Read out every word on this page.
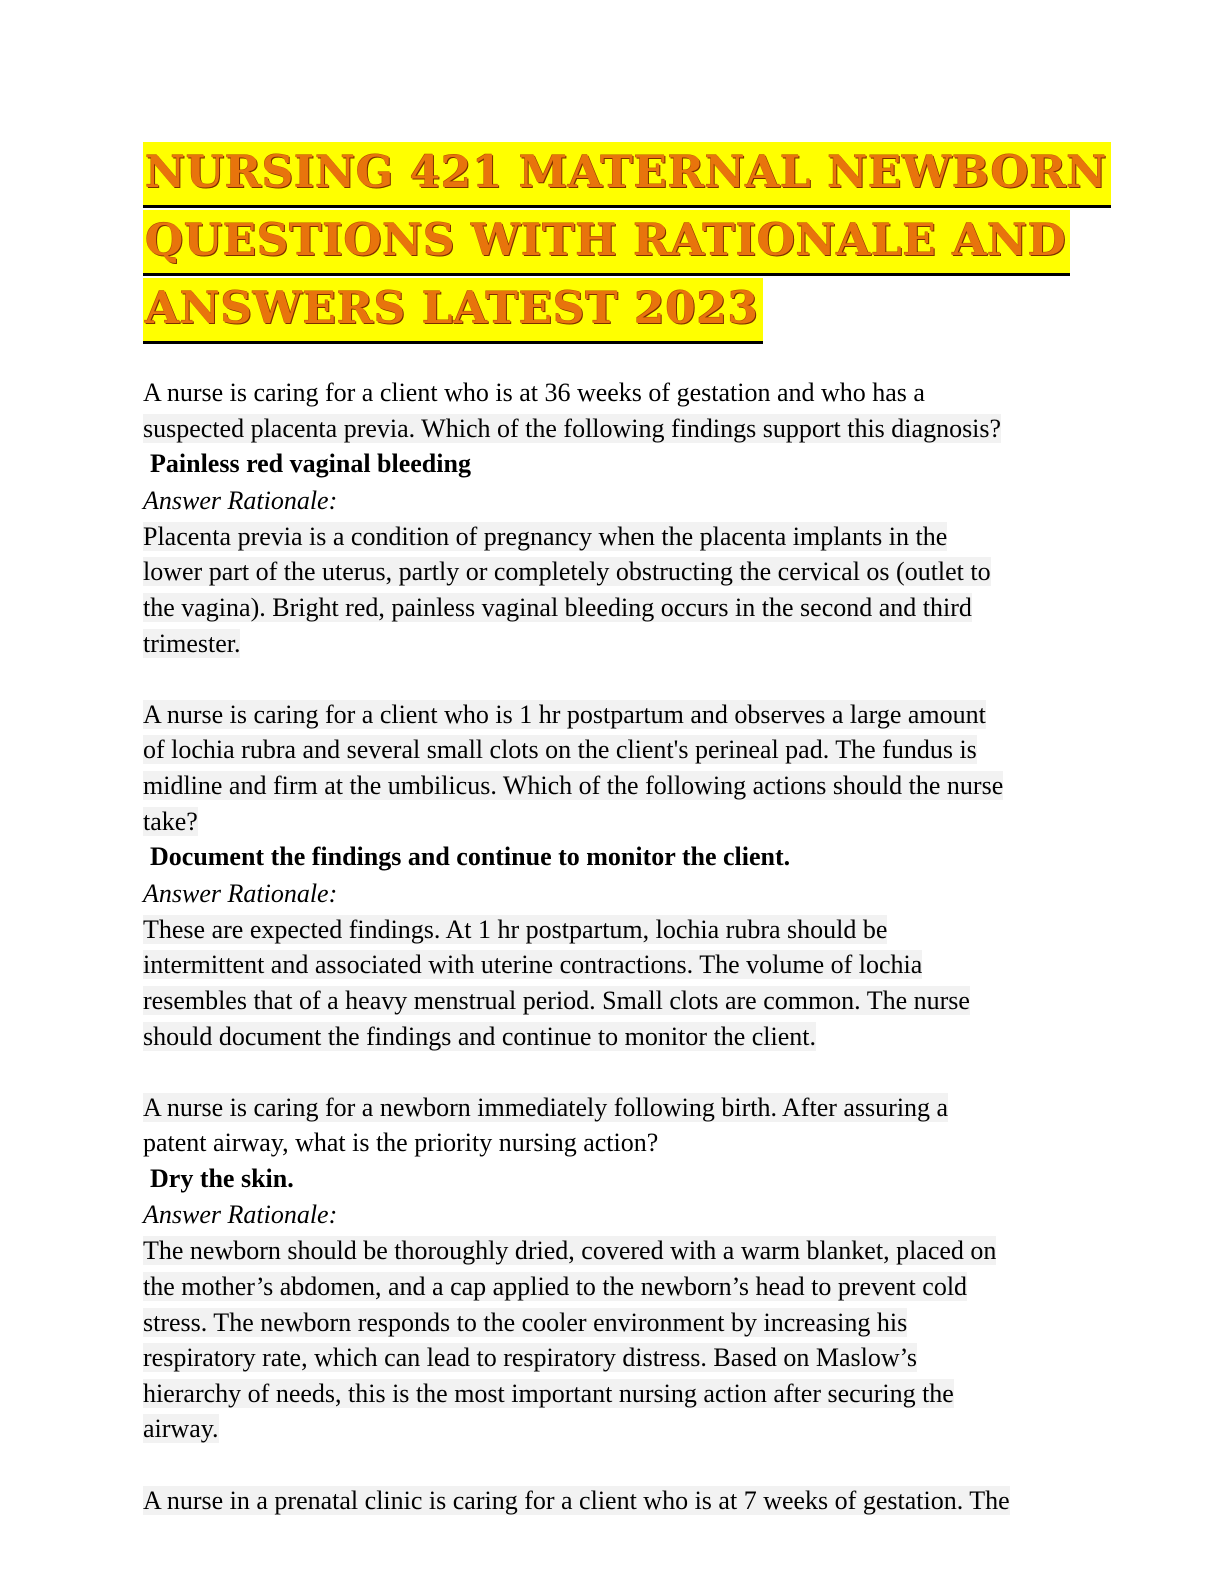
NURSING 421 MATERNAL NEWBORN
QUESTIONS WITH RATIONALE AND
ANSWERS LATEST 2023
A nurse is caring for a client who is at 36 weeks of gestation and who has a
suspected placenta previa. Which of the following findings support this diagnosis?
Painless red vaginal bleeding
Answer Rationale:
Placenta previa is a condition of pregnancy when the placenta implants in the
lower part of the uterus, partly or completely obstructing the cervical os (outlet to
the vagina). Bright red, painless vaginal bleeding occurs in the second and third
trimester.
A nurse is caring for a client who is 1 hr postpartum and observes a large amount
of lochia rubra and several small clots on the client's perineal pad. The fundus is
midline and firm at the umbilicus. Which of the following actions should the nurse
take?
Document the findings and continue to monitor the client.
Answer Rationale:
These are expected findings. At 1 hr postpartum, lochia rubra should be
intermittent and associated with uterine contractions. The volume of lochia
resembles that of a heavy menstrual period. Small clots are common. The nurse
should document the findings and continue to monitor the client.
A nurse is caring for a newborn immediately following birth. After assuring a
patent airway, what is the priority nursing action?
Dry the skin.
Answer Rationale:
The newborn should be thoroughly dried, covered with a warm blanket, placed on
the mother’s abdomen, and a cap applied to the newborn’s head to prevent cold
stress. The newborn responds to the cooler environment by increasing his
respiratory rate, which can lead to respiratory distress. Based on Maslow’s
hierarchy of needs, this is the most important nursing action after securing the
airway.
A nurse in a prenatal clinic is caring for a client who is at 7 weeks of gestation. The
